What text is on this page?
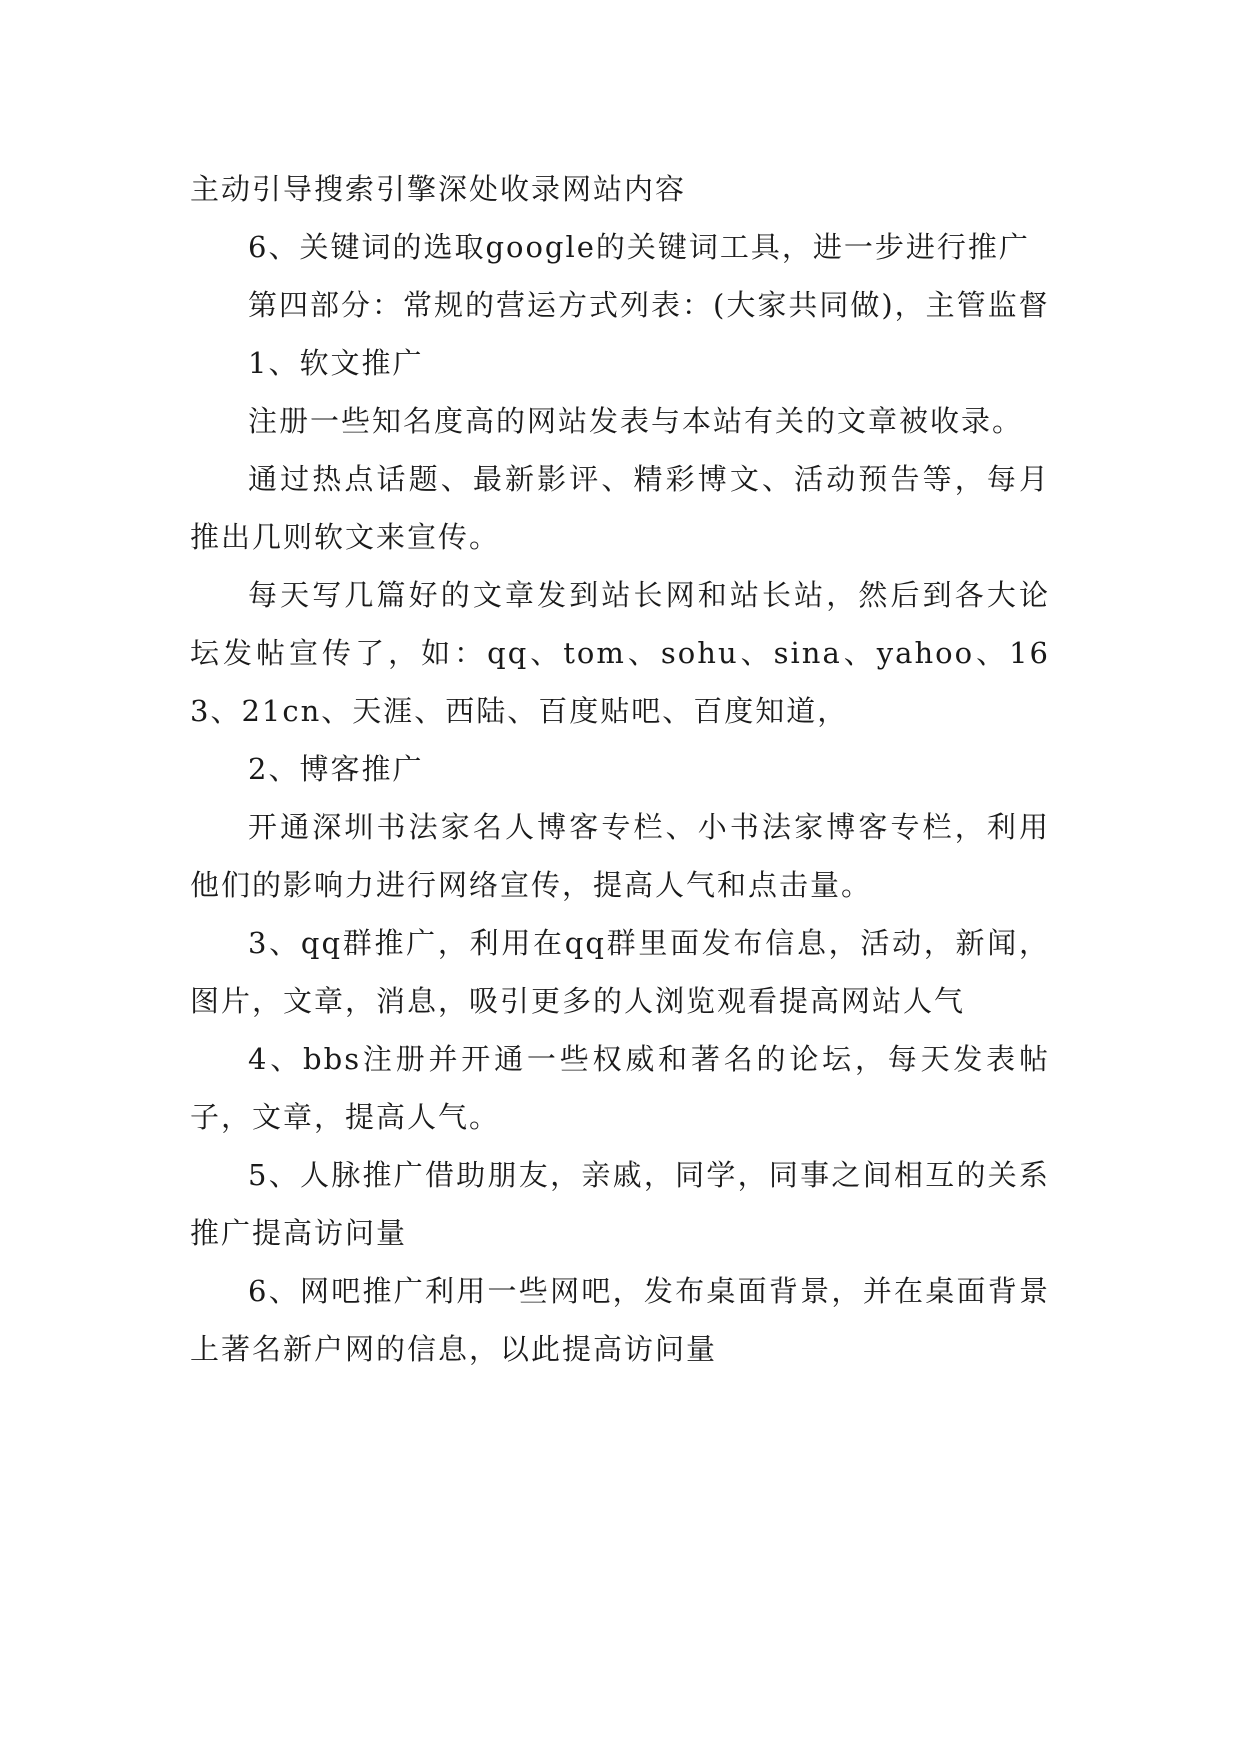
主动引导搜索引擎深处收录网站内容

6、关键词的选取google的关键词工具，进一步进行推广

第四部分：常规的营运方式列表：(大家共同做)，主管监督

1、软文推广

注册一些知名度高的网站发表与本站有关的文章被收录。

通过热点话题、最新影评、精彩博文、活动预告等，每月推出几则软文来宣传。

每天写几篇好的文章发到站长网和站长站，然后到各大论坛发帖宣传了，如：qq、tom、sohu、sina、yahoo、163、21cn、天涯、西陆、百度贴吧、百度知道，

2、博客推广

开通深圳书法家名人博客专栏、小书法家博客专栏，利用他们的影响力进行网络宣传，提高人气和点击量。

3、qq群推广，利用在qq群里面发布信息，活动，新闻，图片，文章，消息，吸引更多的人浏览观看提高网站人气

4、bbs注册并开通一些权威和著名的论坛，每天发表帖子，文章，提高人气。

5、人脉推广借助朋友，亲戚，同学，同事之间相互的关系推广提高访问量

6、网吧推广利用一些网吧，发布桌面背景，并在桌面背景上著名新户网的信息，以此提高访问量
